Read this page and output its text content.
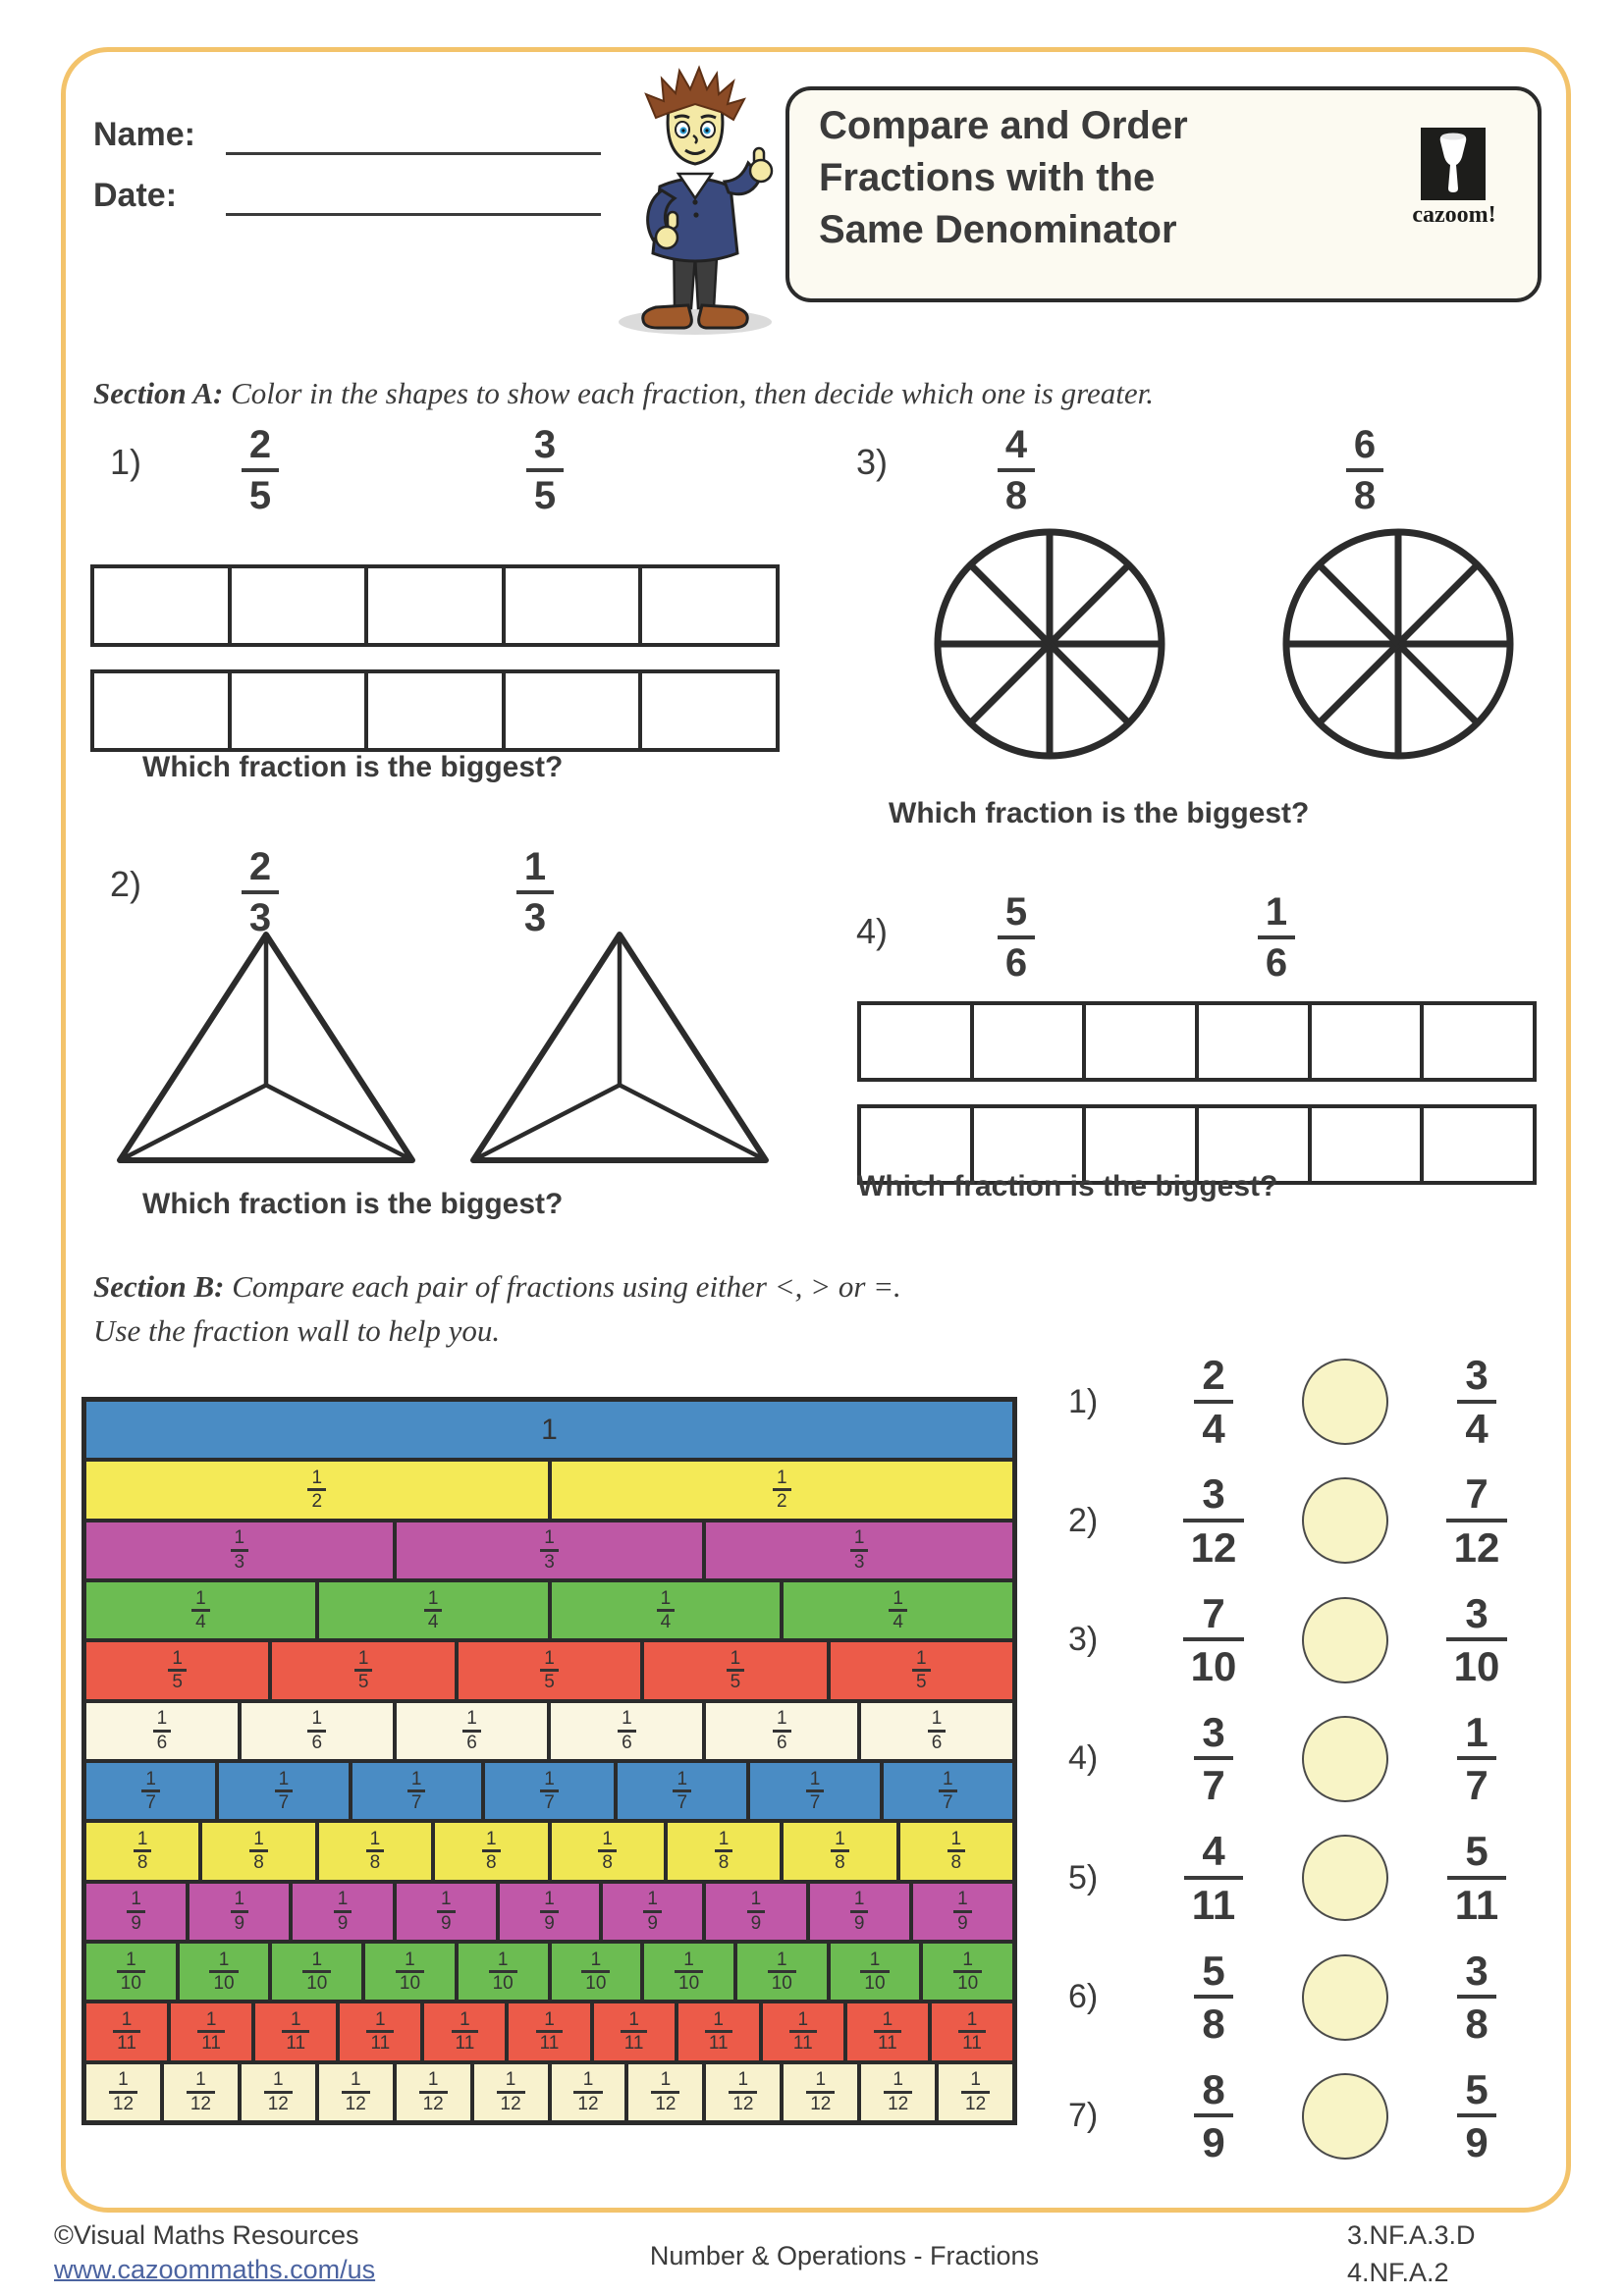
Name:
Date:
Compare and Order
Fractions with the
Same Denominator	cazoom!
Section A: Color in the shapes to show each fraction, then decide which one is greater.
1)	$\frac{2}{5}$	$\frac{3}{5}$
Which fraction is the biggest?
3)	$\frac{4}{8}$	$\frac{6}{8}$
Which fraction is the biggest?
2)	$\frac{2}{3}$	$\frac{1}{3}$
Which fraction is the biggest?
4)	$\frac{5}{6}$	$\frac{1}{6}$
Which fraction is the biggest?
Section B: Compare each pair of fractions using either <, > or =.
Use the fraction wall to help you.
1
$\frac{1}{2}$	$\frac{1}{2}$
$\frac{1}{3}$	$\frac{1}{3}$	$\frac{1}{3}$
$\frac{1}{4}$	$\frac{1}{4}$	$\frac{1}{4}$	$\frac{1}{4}$
$\frac{1}{5}$	$\frac{1}{5}$	$\frac{1}{5}$	$\frac{1}{5}$	$\frac{1}{5}$
$\frac{1}{6}$	$\frac{1}{6}$	$\frac{1}{6}$	$\frac{1}{6}$	$\frac{1}{6}$	$\frac{1}{6}$
$\frac{1}{7}$	$\frac{1}{7}$	$\frac{1}{7}$	$\frac{1}{7}$	$\frac{1}{7}$	$\frac{1}{7}$	$\frac{1}{7}$
$\frac{1}{8}$	$\frac{1}{8}$	$\frac{1}{8}$	$\frac{1}{8}$	$\frac{1}{8}$	$\frac{1}{8}$	$\frac{1}{8}$	$\frac{1}{8}$
$\frac{1}{9}$	$\frac{1}{9}$	$\frac{1}{9}$	$\frac{1}{9}$	$\frac{1}{9}$	$\frac{1}{9}$	$\frac{1}{9}$	$\frac{1}{9}$	$\frac{1}{9}$
$\frac{1}{10}$	$\frac{1}{10}$	$\frac{1}{10}$	$\frac{1}{10}$	$\frac{1}{10}$	$\frac{1}{10}$	$\frac{1}{10}$	$\frac{1}{10}$	$\frac{1}{10}$	$\frac{1}{10}$
$\frac{1}{11}$	$\frac{1}{11}$	$\frac{1}{11}$	$\frac{1}{11}$	$\frac{1}{11}$	$\frac{1}{11}$	$\frac{1}{11}$	$\frac{1}{11}$	$\frac{1}{11}$	$\frac{1}{11}$	$\frac{1}{11}$
$\frac{1}{12}$	$\frac{1}{12}$	$\frac{1}{12}$	$\frac{1}{12}$	$\frac{1}{12}$	$\frac{1}{12}$	$\frac{1}{12}$	$\frac{1}{12}$	$\frac{1}{12}$	$\frac{1}{12}$	$\frac{1}{12}$	$\frac{1}{12}$
1)	$\frac{2}{4}$	$\frac{3}{4}$
2)	$\frac{3}{12}$	$\frac{7}{12}$
3)	$\frac{7}{10}$	$\frac{3}{10}$
4)	$\frac{3}{7}$	$\frac{1}{7}$
5)	$\frac{4}{11}$	$\frac{5}{11}$
6)	$\frac{5}{8}$	$\frac{3}{8}$
7)	$\frac{8}{9}$	$\frac{5}{9}$
©Visual Maths Resources
www.cazoommaths.com/us	Number & Operations - Fractions
3.NF.A.3.D
4.NF.A.2
